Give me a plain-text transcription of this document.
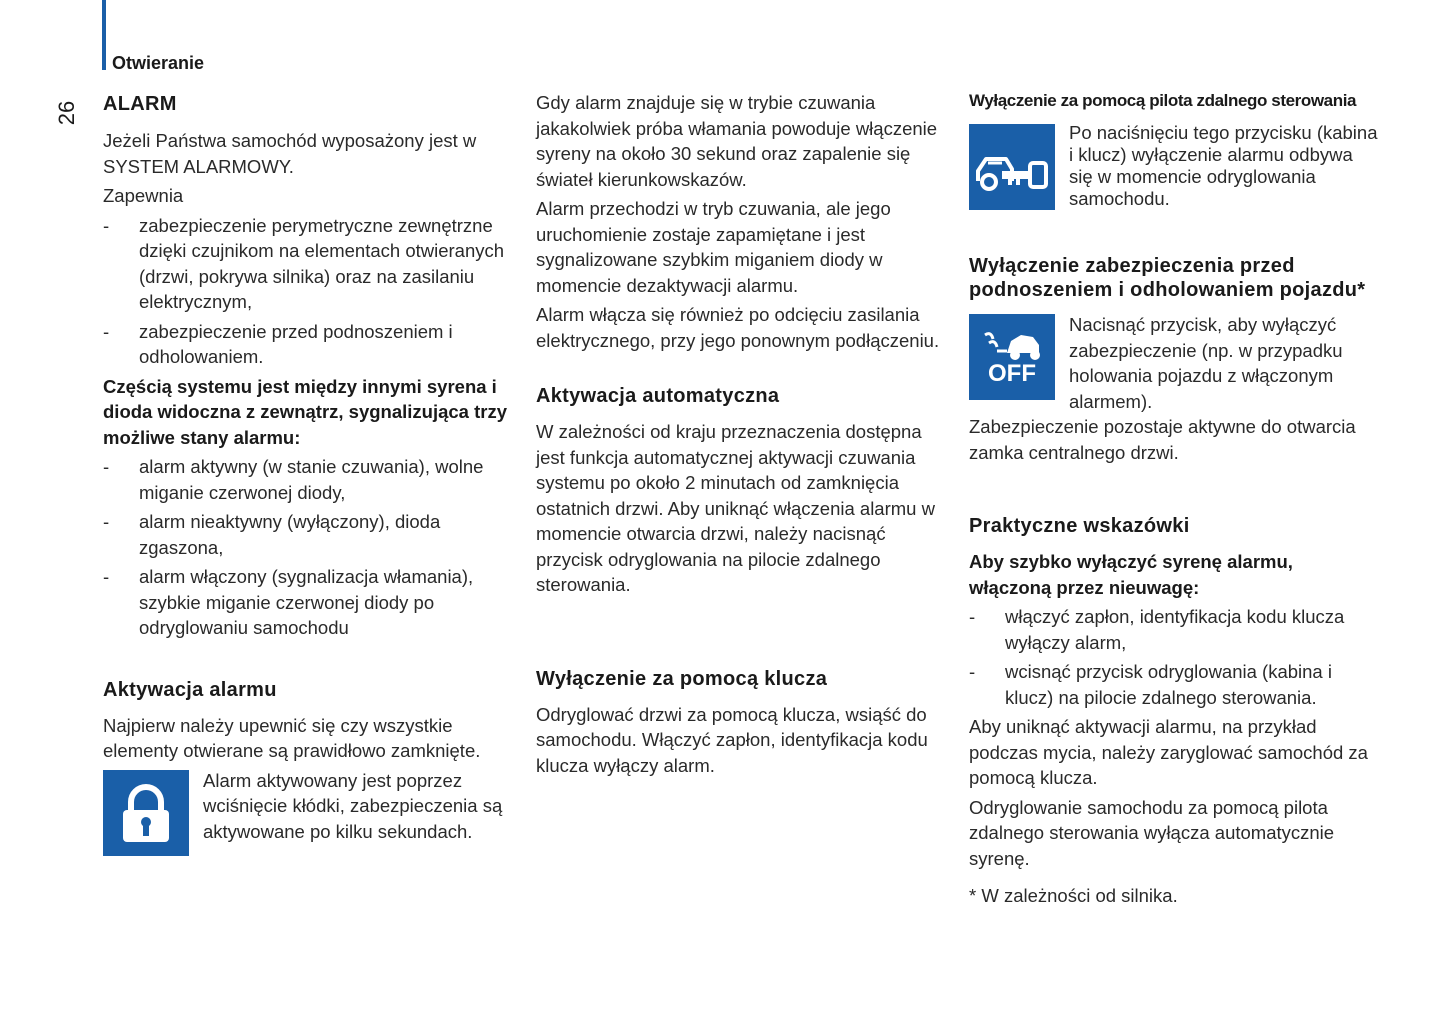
Otwieranie
26 ALARM

Jeżeli Państwa samochód wyposażony jest w SYSTEM ALARMOWY.

Zapewnia

- zabezpieczenie perymetryczne zewnętrzne dzięki czujnikom na elementach otwieranych (drzwi, pokrywa silnika) oraz na zasilaniu elektrycznym,
- zabezpieczenie przed podnoszeniem i odholowaniem.

Częścią systemu jest między innymi syrena i dioda widoczna z zewnątrz, sygnalizująca trzy możliwe stany alarmu:

- alarm aktywny (w stanie czuwania), wolne miganie czerwonej diody,
- alarm nieaktywny (wyłączony), dioda zgaszona,
- alarm włączony (sygnalizacja włamania), szybkie miganie czerwonej diody po odryglowaniu samochodu
Aktywacja alarmu

Najpierw należy upewnić się czy wszystkie elementy otwierane są prawidłowo zamknięte.

Alarm aktywowany jest poprzez wciśnięcie kłódki, zabezpieczenia są aktywowane po kilku sekundach.

Gdy alarm znajduje się w trybie czuwania jakakolwiek próba włamania powoduje włączenie syreny na około 30 sekund oraz zapalenie się świateł kierunkowskazów.

Alarm przechodzi w tryb czuwania, ale jego uruchomienie zostaje zapamiętane i jest sygnalizowane szybkim miganiem diody w momencie dezaktywacji alarmu.

Alarm włącza się również po odcięciu zasilania elektrycznego, przy jego ponownym podłączeniu.

Aktywacja automatyczna

W zależności od kraju przeznaczenia dostępna jest funkcja automatycznej aktywacji czuwania systemu po około 2 minutach od zamknięcia ostatnich drzwi. Aby uniknąć włączenia alarmu w momencie otwarcia drzwi, należy nacisnąć przycisk odryglowania na pilocie zdalnego sterowania.

Wyłączenie za pomocą klucza

Odryglować drzwi za pomocą klucza, wsiąść do samochodu. Włączyć zapłon, identyfikacja kodu klucza wyłączy alarm.

Wyłączenie za pomocą pilota zdalnego sterowania
Po naciśnięciu tego przycisku (kabina i klucz) wyłączenie alarmu odbywa się w momencie odryglowania samochodu.
Wyłączenie zabezpieczenia przed podnoszeniem i odholowaniem pojazdu*
OFF
Nacisnąć przycisk, aby wyłączyć zabezpieczenie (np. w przypadku holowania pojazdu z włączonym alarmem).

Zabezpieczenie pozostaje aktywne do otwarcia zamka centralnego drzwi.

Praktyczne wskazówki

Aby szybko wyłączyć syrenę alarmu, włączoną przez nieuwagę:

- włączyć zapłon, identyfikacja kodu klucza wyłączy alarm,
- wcisnąć przycisk odryglowania (kabina i klucz) na pilocie zdalnego sterowania.

Aby uniknąć aktywacji alarmu, na przykład podczas mycia, należy zaryglować samochód za pomocą klucza.

Odryglowanie samochodu za pomocą pilota zdalnego sterowania wyłącza automatycznie syrenę.

* W zależności od silnika.
